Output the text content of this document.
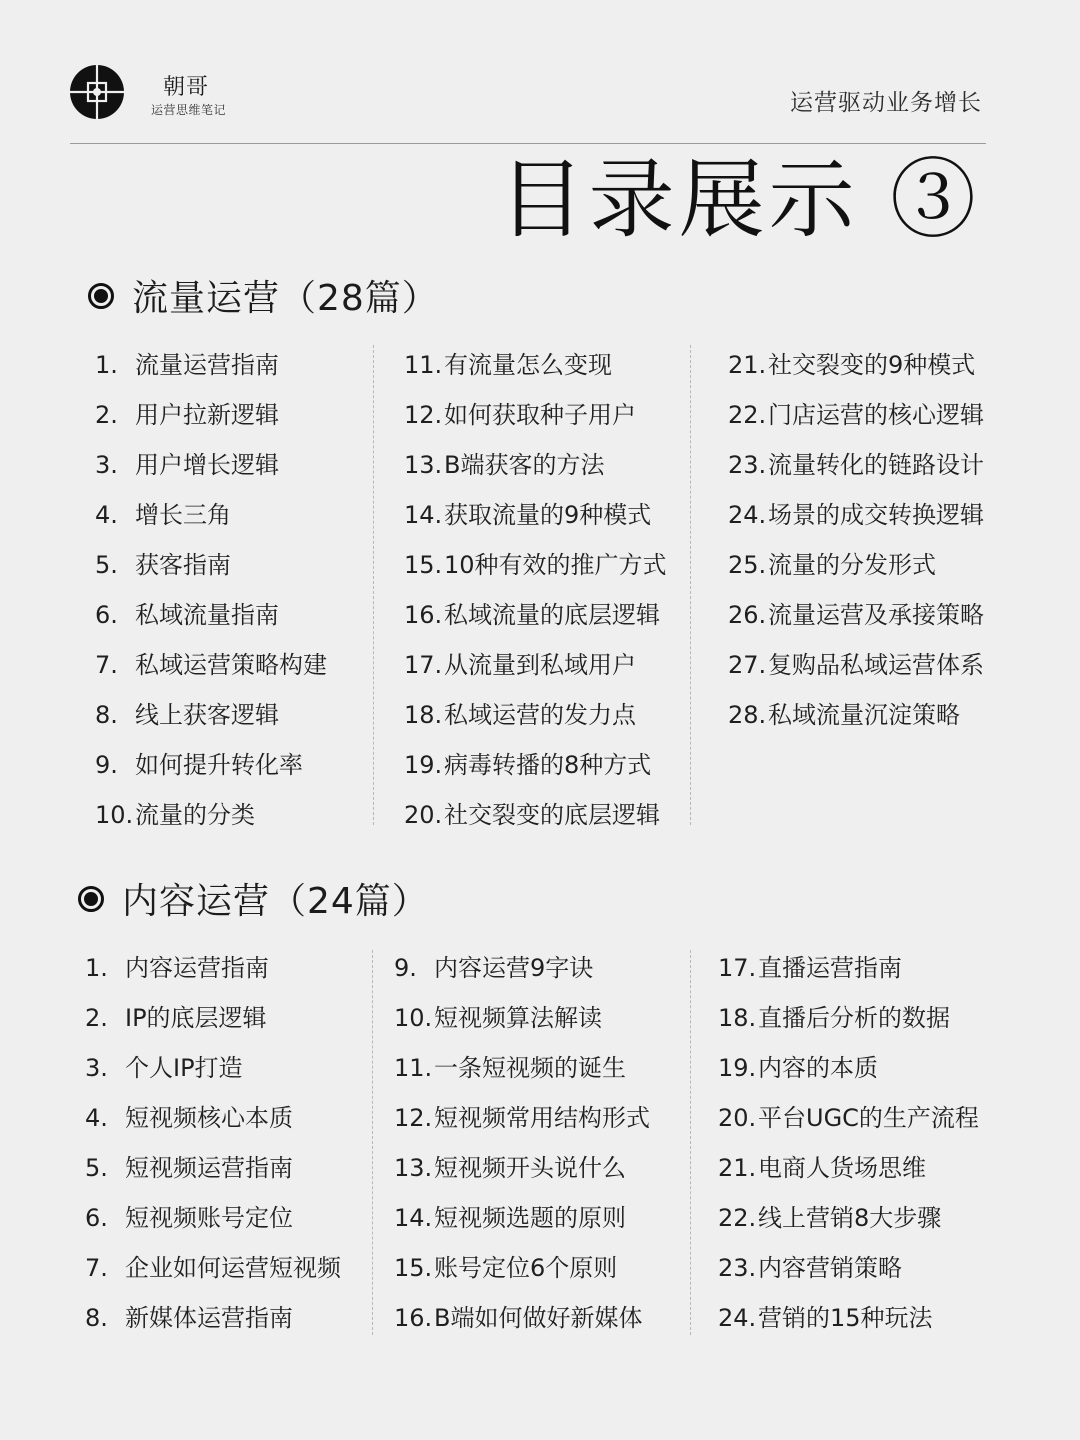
朝哥
运营思维笔记	运营驱动业务增长
目录展示 ③
流量运营（28篇）
1. 流量运营指南
2. 用户拉新逻辑
3. 用户增长逻辑
4. 增长三角
5. 获客指南
6. 私域流量指南
7. 私域运营策略构建
8. 线上获客逻辑
9. 如何提升转化率
10.流量的分类
11.有流量怎么变现
12.如何获取种子用户
13.B端获客的方法
14.获取流量的9种模式
15.10种有效的推广方式
16.私域流量的底层逻辑
17.从流量到私域用户
18.私域运营的发力点
19.病毒转播的8种方式
20.社交裂变的底层逻辑
21.社交裂变的9种模式
22.门店运营的核心逻辑
23.流量转化的链路设计
24.场景的成交转换逻辑
25.流量的分发形式
26.流量运营及承接策略
27.复购品私域运营体系
28.私域流量沉淀策略
内容运营（24篇）
1. 内容运营指南
2. IP的底层逻辑
3. 个人IP打造
4. 短视频核心本质
5. 短视频运营指南
6. 短视频账号定位
7. 企业如何运营短视频
8. 新媒体运营指南
9. 内容运营9字诀
10.短视频算法解读
11.一条短视频的诞生
12.短视频常用结构形式
13.短视频开头说什么
14.短视频选题的原则
15.账号定位6个原则
16.B端如何做好新媒体
17.直播运营指南
18.直播后分析的数据
19.内容的本质
20.平台UGC的生产流程
21.电商人货场思维
22.线上营销8大步骤
23.内容营销策略
24.营销的15种玩法
